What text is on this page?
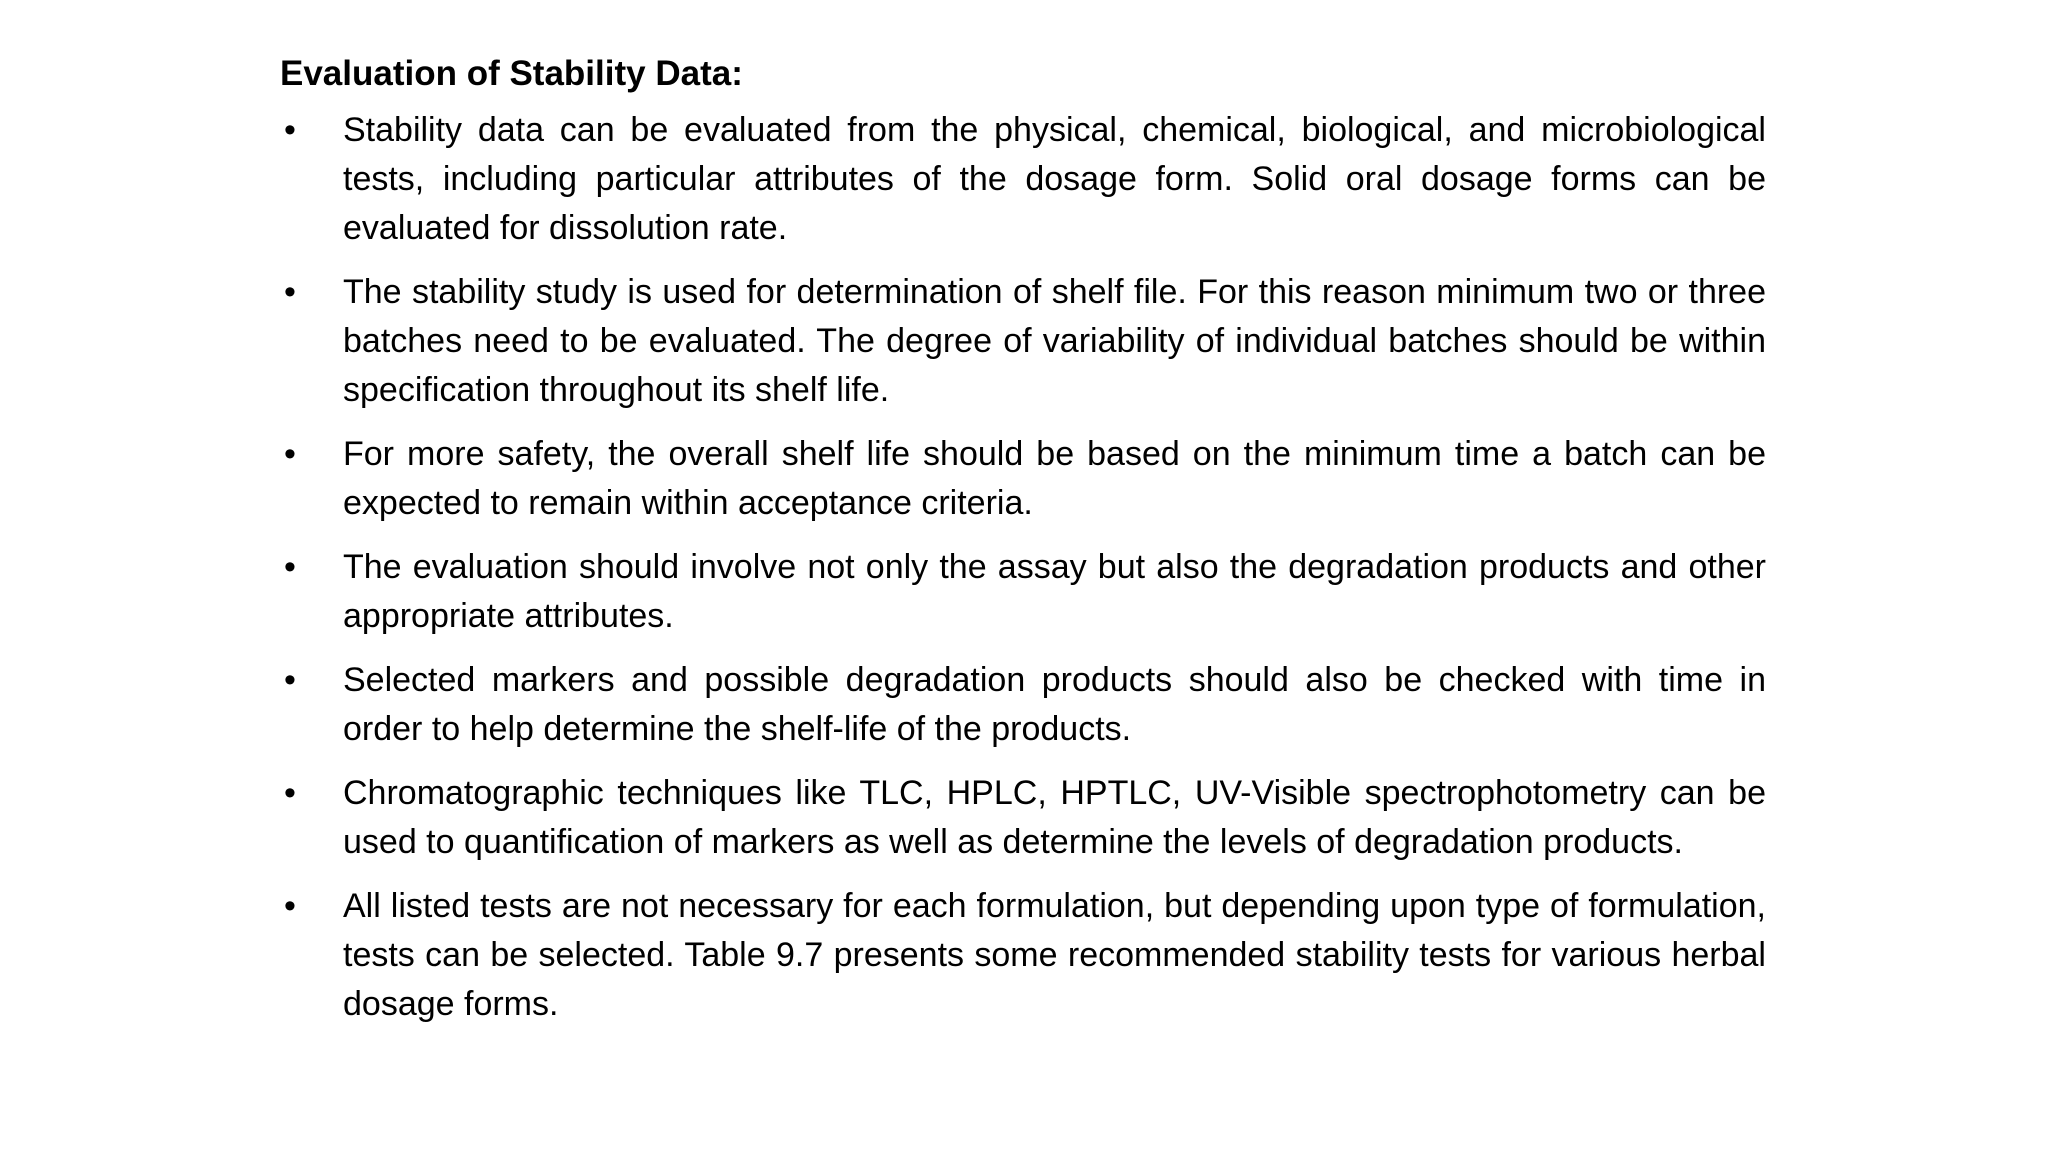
Evaluation of Stability Data:
• Stability data can be evaluated from the physical, chemical, biological, and microbiological tests, including particular attributes of the dosage form. Solid oral dosage forms can be evaluated for dissolution rate.
• The stability study is used for determination of shelf file. For this reason minimum two or three batches need to be evaluated. The degree of variability of individual batches should be within specification throughout its shelf life.
• For more safety, the overall shelf life should be based on the minimum time a batch can be expected to remain within acceptance criteria.
• The evaluation should involve not only the assay but also the degradation products and other appropriate attributes.
• Selected markers and possible degradation products should also be checked with time in order to help determine the shelf-life of the products.
• Chromatographic techniques like TLC, HPLC, HPTLC, UV-Visible spectrophotometry can be used to quantification of markers as well as determine the levels of degradation products.
• All listed tests are not necessary for each formulation, but depending upon type of formulation, tests can be selected. Table 9.7 presents some recommended stability tests for various herbal dosage forms.
